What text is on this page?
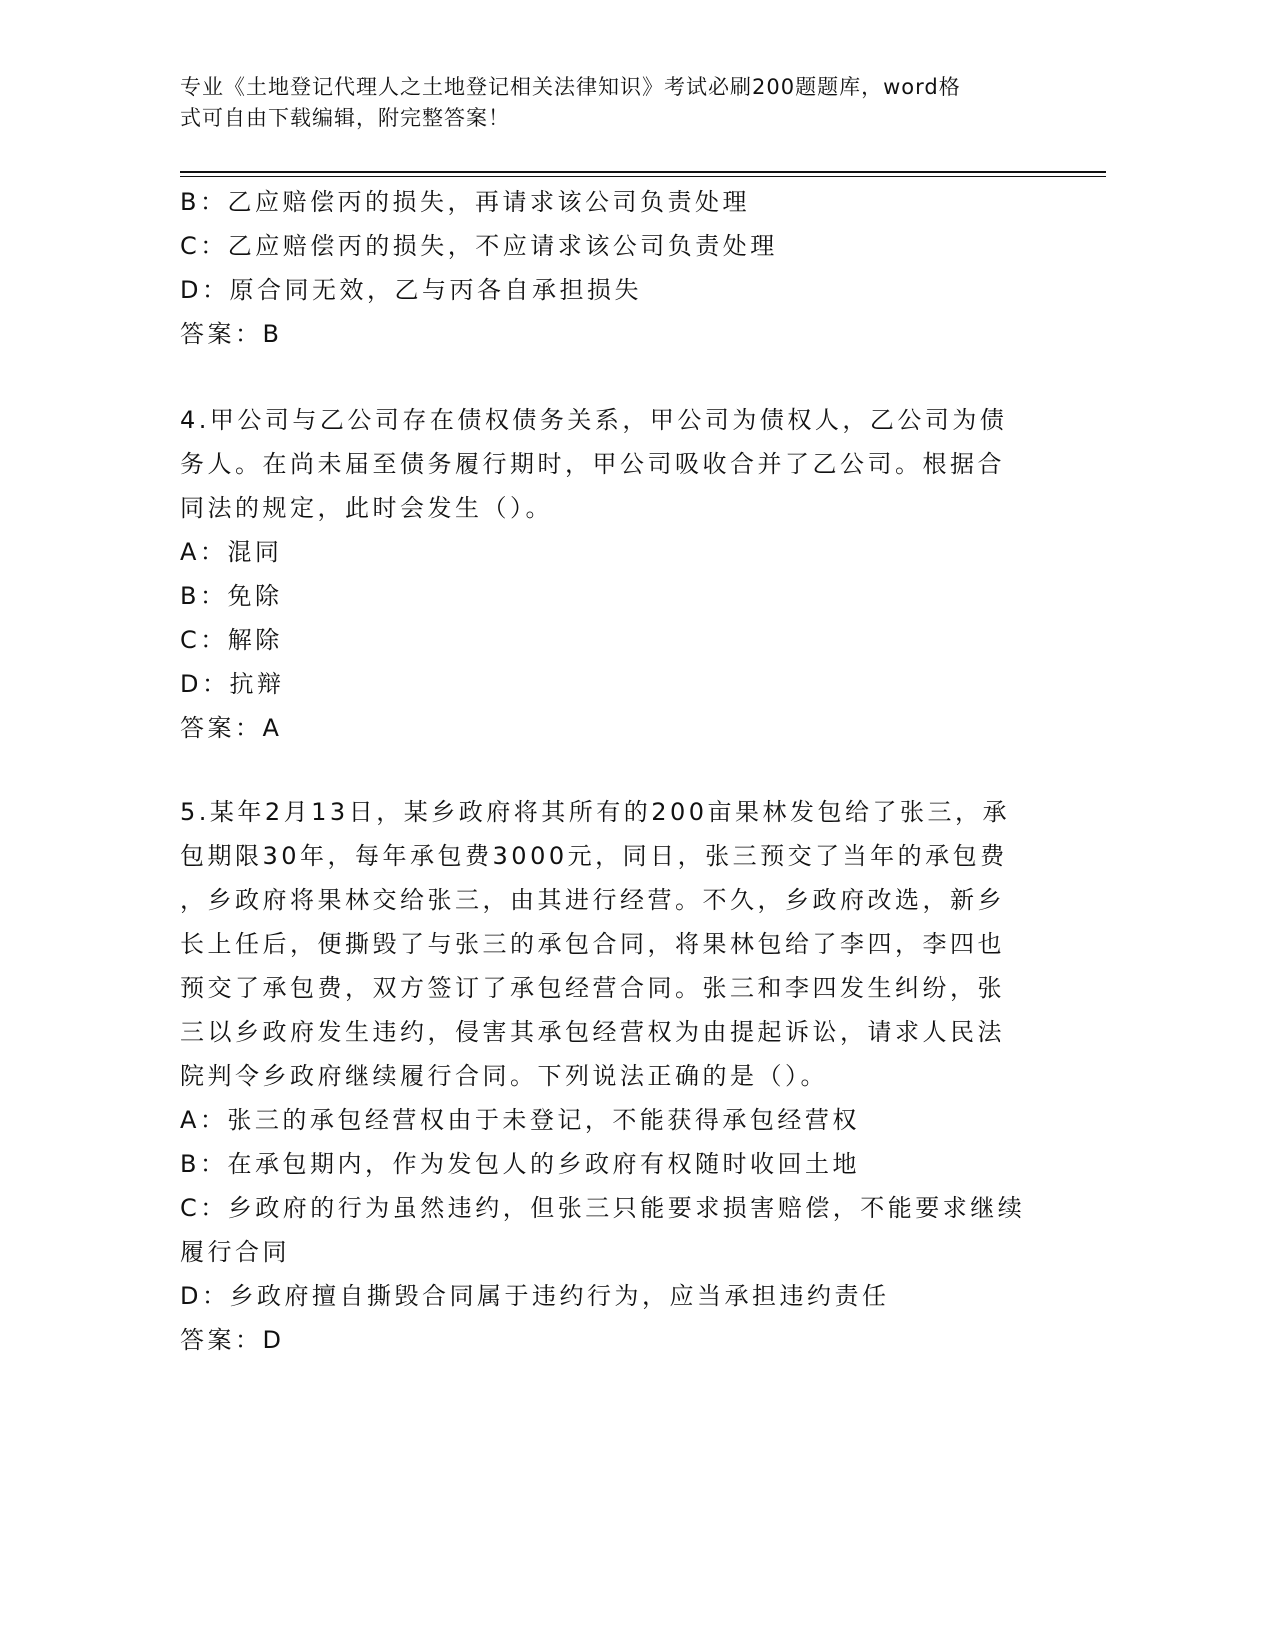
专业《土地登记代理人之土地登记相关法律知识》考试必刷200题题库，word格
式可自由下载编辑，附完整答案！
B：乙应赔偿丙的损失，再请求该公司负责处理
C：乙应赔偿丙的损失，不应请求该公司负责处理
D：原合同无效，乙与丙各自承担损失
答案：B
4.甲公司与乙公司存在债权债务关系，甲公司为债权人，乙公司为债
务人。在尚未届至债务履行期时，甲公司吸收合并了乙公司。根据合
同法的规定，此时会发生（）。
A：混同
B：免除
C：解除
D：抗辩
答案：A
5.某年2月13日，某乡政府将其所有的200亩果林发包给了张三，承
包期限30年，每年承包费3000元，同日，张三预交了当年的承包费
，乡政府将果林交给张三，由其进行经营。不久，乡政府改选，新乡
长上任后，便撕毁了与张三的承包合同，将果林包给了李四，李四也
预交了承包费，双方签订了承包经营合同。张三和李四发生纠纷，张
三以乡政府发生违约，侵害其承包经营权为由提起诉讼，请求人民法
院判令乡政府继续履行合同。下列说法正确的是（）。
A：张三的承包经营权由于未登记，不能获得承包经营权
B：在承包期内，作为发包人的乡政府有权随时收回土地
C：乡政府的行为虽然违约，但张三只能要求损害赔偿，不能要求继续
履行合同
D：乡政府擅自撕毁合同属于违约行为，应当承担违约责任
答案：D
